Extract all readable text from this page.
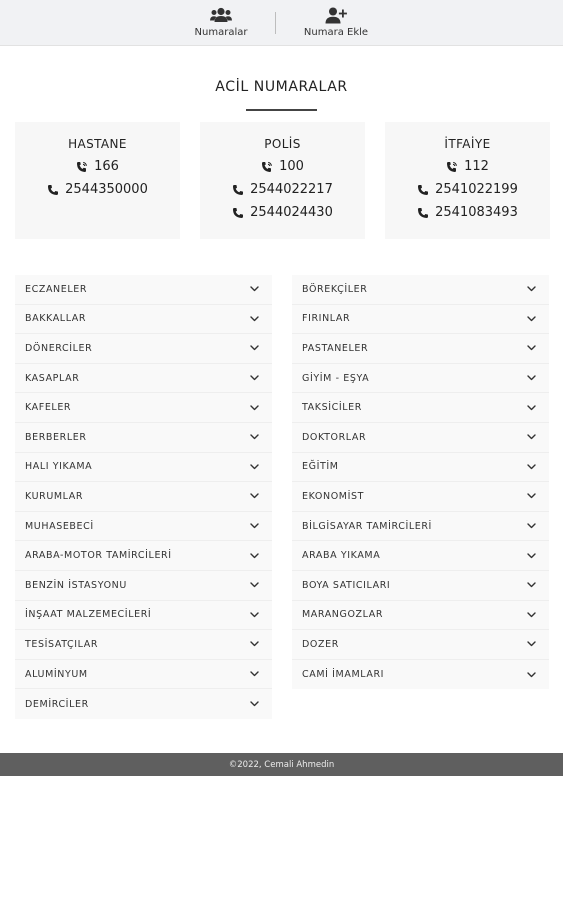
Numaralar	Numara Ekle
ACİL NUMARALAR
HASTANE
166
2544350000
POLİS
100
2544022217
2544024430
İTFAİYE
112
2541022199
2541083493
ECZANELER
BAKKALLAR
DÖNERCİLER
KASAPLAR
KAFELER
BERBERLER
HALI YIKAMA
KURUMLAR
MUHASEBECİ
ARABA-MOTOR TAMİRCİLERİ
BENZİN İSTASYONU
İNŞAAT MALZEMECİLERİ
TESİSATÇILAR
ALUMİNYUM
DEMİRCİLER
BÖREKÇİLER
FIRINLAR
PASTANELER
GİYİM - EŞYA
TAKSİCİLER
DOKTORLAR
EĞİTİM
EKONOMİST
BİLGİSAYAR TAMİRCİLERİ
ARABA YIKAMA
BOYA SATICILARI
MARANGOZLAR
DOZER
CAMİ İMAMLARI
©2022, Cemali Ahmedin
